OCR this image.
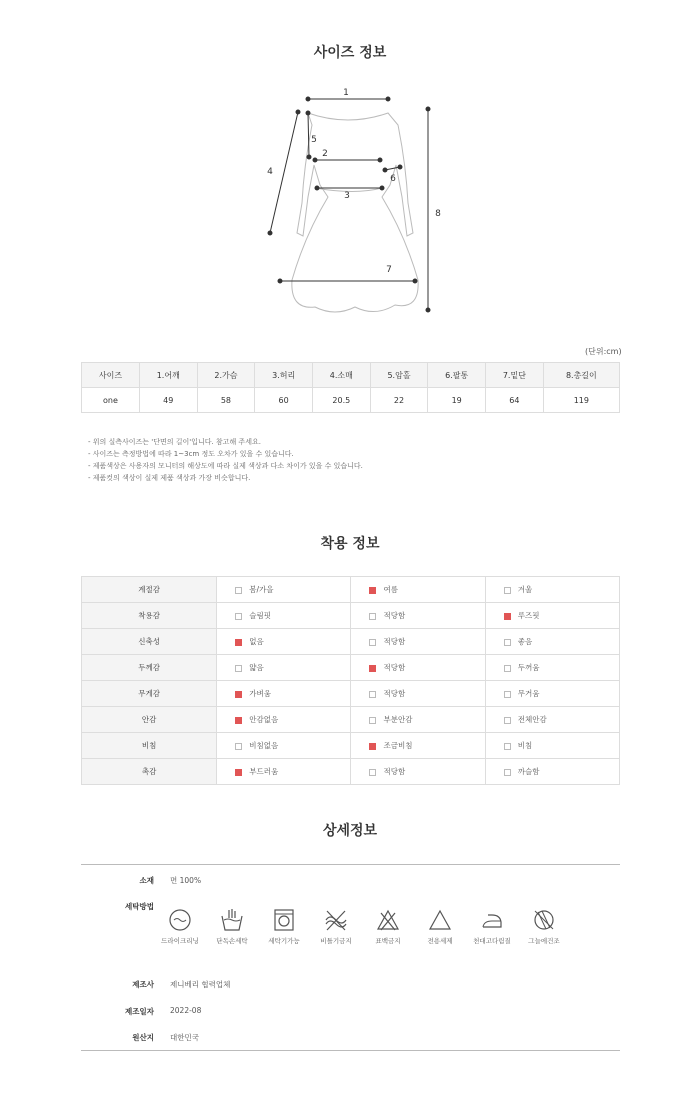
사이즈 정보
1
2
3
4
5
6
7
8
(단위:cm)
사이즈	1.어깨	2.가슴	3.허리	4.소매	5.암홀	6.팔통	7.밑단	8.총길이
one	49	58	60	20.5	22	19	64	119
- 위의 실측사이즈는 '단면의 길이'입니다. 참고해 주세요.
- 사이즈는 측정방법에 따라 1~3cm 정도 오차가 있을 수 있습니다.
- 제품색상은 사용자의 모니터의 해상도에 따라 실제 색상과 다소 차이가 있을 수 있습니다.
- 제품컷의 색상이 실제 제품 색상과 가장 비슷합니다.
착용 정보
계절감	봄/가을	여름	겨울
착용감	슬림핏	적당함	루즈핏
신축성	없음	적당함	좋음
두께감	얇음	적당함	두꺼움
무게감	가벼움	적당함	무거움
안감	안감없음	부분안감	전체안감
비침	비침없음	조금비침	비침
촉감	부드러움	적당함	까슬함
상세정보
소재 면 100%
세탁방법
드라이크리닝	단독손세탁	세탁기가능	비틀기금지	표백금지	전용세제	천대고다림질	그늘에건조
제조사 제니베리 협력업체
제조일자 2022-08
원산지 대한민국
